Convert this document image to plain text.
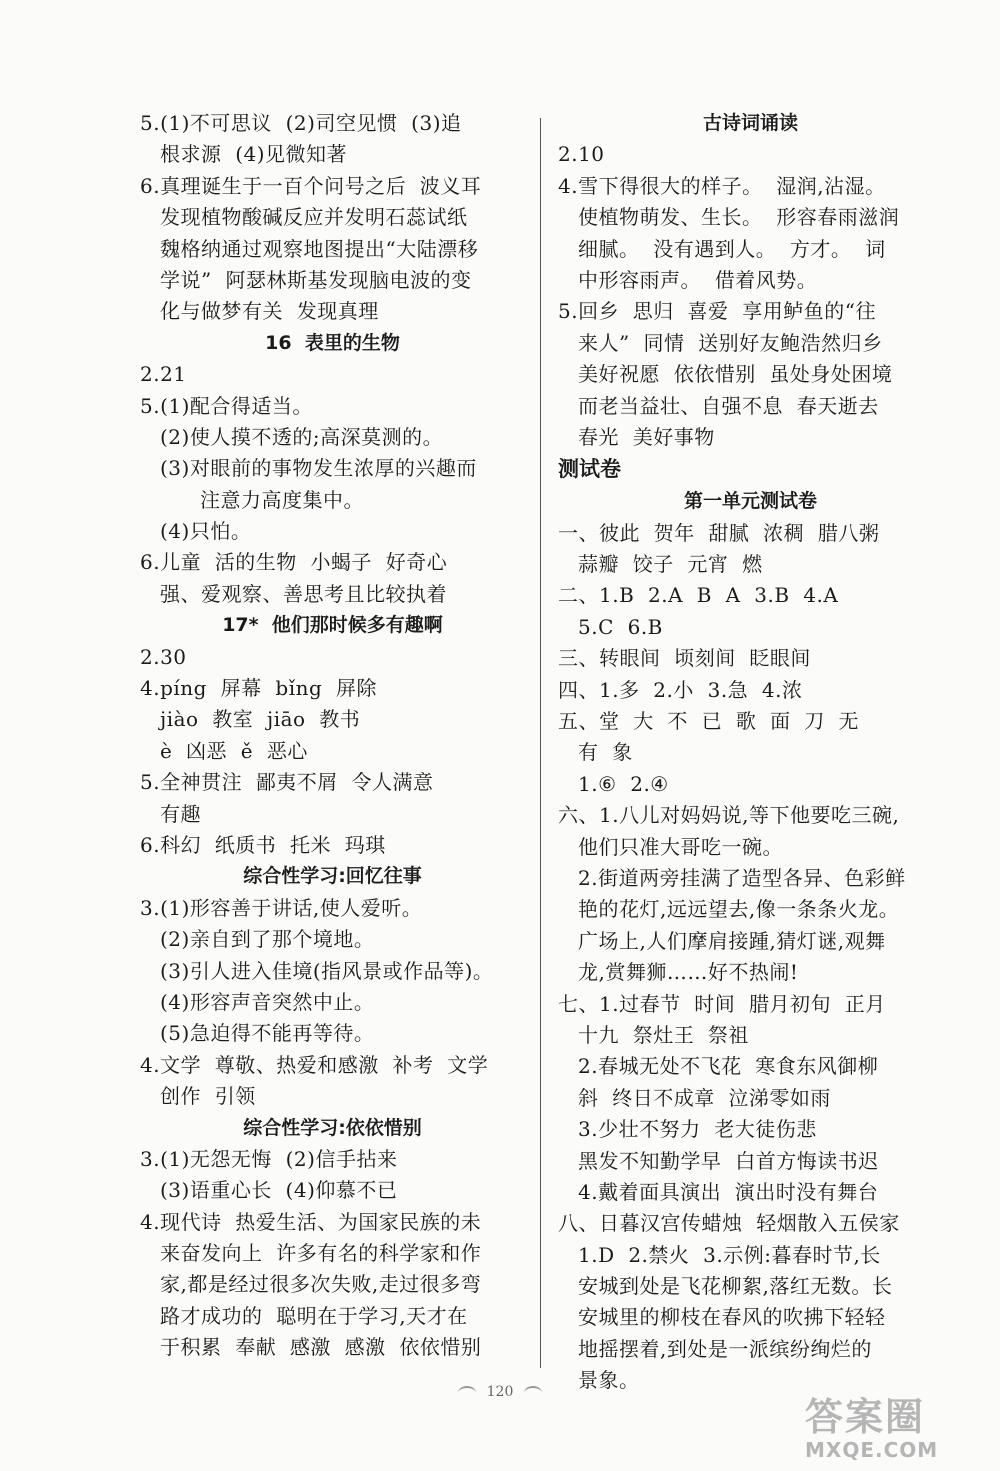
5.(1)不可思议  (2)司空见惯  (3)追
根求源  (4)见微知著
6.真理诞生于一百个问号之后  波义耳
发现植物酸碱反应并发明石蕊试纸
魏格纳通过观察地图提出“大陆漂移
学说”  阿瑟林斯基发现脑电波的变
化与做梦有关  发现真理
16  表里的生物
2.21
5.(1)配合得适当。
(2)使人摸不透的;高深莫测的。
(3)对眼前的事物发生浓厚的兴趣而
注意力高度集中。
(4)只怕。
6.儿童  活的生物  小蝎子  好奇心
强、爱观察、善思考且比较执着
17*  他们那时候多有趣啊
2.30
4.píng  屏幕  bǐng  屏除
jiào  教室  jiāo  教书
è  凶恶  ě  恶心
5.全神贯注  鄙夷不屑  令人满意
有趣
6.科幻  纸质书  托米  玛琪
综合性学习:回忆往事
3.(1)形容善于讲话,使人爱听。
(2)亲自到了那个境地。
(3)引人进入佳境(指风景或作品等)。
(4)形容声音突然中止。
(5)急迫得不能再等待。
4.文学  尊敬、热爱和感激  补考  文学
创作  引领
综合性学习:依依惜别
3.(1)无怨无悔  (2)信手拈来
(3)语重心长  (4)仰慕不已
4.现代诗  热爱生活、为国家民族的未
来奋发向上  许多有名的科学家和作
家,都是经过很多次失败,走过很多弯
路才成功的  聪明在于学习,天才在
于积累  奉献  感激  感激  依依惜别
古诗词诵读
2.10
4.雪下得很大的样子。  湿润,沾湿。
使植物萌发、生长。  形容春雨滋润
细腻。  没有遇到人。  方才。  词
中形容雨声。  借着风势。
5.回乡  思归  喜爱  享用鲈鱼的“往
来人”  同情  送别好友鲍浩然归乡
美好祝愿  依依惜别  虽处身处困境
而老当益壮、自强不息  春天逝去
春光  美好事物
测试卷
第一单元测试卷
一、彼此  贺年  甜腻  浓稠  腊八粥
蒜瓣  饺子  元宵  燃
二、1.B  2.A  B  A  3.B  4.A
5.C  6.B
三、转眼间  顷刻间  眨眼间
四、1.多  2.小  3.急  4.浓
五、堂  大  不  已  歌  面  刀  无
有  象
1.⑥  2.④
六、1.八儿对妈妈说,等下他要吃三碗,
他们只准大哥吃一碗。
2.街道两旁挂满了造型各异、色彩鲜
艳的花灯,远远望去,像一条条火龙。
广场上,人们摩肩接踵,猜灯谜,观舞
龙,赏舞狮……好不热闹!
七、1.过春节  时间  腊月初旬  正月
十九  祭灶王  祭祖
2.春城无处不飞花  寒食东风御柳
斜  终日不成章  泣涕零如雨
3.少壮不努力  老大徒伤悲
黑发不知勤学早  白首方悔读书迟
4.戴着面具演出  演出时没有舞台
八、日暮汉宫传蜡烛  轻烟散入五侯家
1.D  2.禁火  3.示例:暮春时节,长
安城到处是飞花柳絮,落红无数。长
安城里的柳枝在春风的吹拂下轻轻
地摇摆着,到处是一派缤纷绚烂的
景象。
120
答案圈
MXQE.COM
